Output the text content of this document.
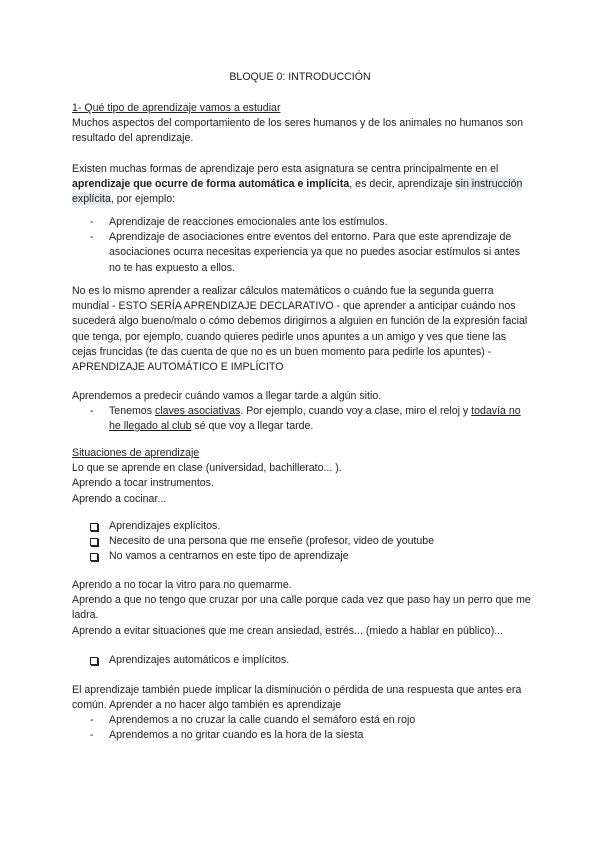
BLOQUE 0: INTRODUCCIÓN
1- Qué tipo de aprendizaje vamos a estudiar
Muchos aspectos del comportamiento de los seres humanos y de los animales no humanos son resultado del aprendizaje.
Existen muchas formas de aprendizaje pero esta asignatura se centra principalmente en el aprendizaje que ocurre de forma automática e implícita, es decir, aprendizaje sin instrucción explícita, por ejemplo:
- Aprendizaje de reacciones emocionales ante los estímulos.
- Aprendizaje de asociaciones entre eventos del entorno. Para que este aprendizaje de asociaciones ocurra necesitas experiencia ya que no puedes asociar estímulos si antes no te has expuesto a ellos.
No es lo mismo aprender a realizar cálculos matemáticos o cuándo fue la segunda guerra mundial - ESTO SERÍA APRENDIZAJE DECLARATIVO - que aprender a anticipar cuándo nos sucederá algo bueno/malo o cómo debemos dirigirnos a alguien en función de la expresión facial que tenga, por ejemplo, cuando quieres pedirle unos apuntes a un amigo y ves que tiene las cejas fruncidas (te das cuenta de que no es un buen momento para pedirle los apuntes) - APRENDIZAJE AUTOMÁTICO E IMPLÍCITO
Aprendemos a predecir cuándo vamos a llegar tarde a algún sitio.
- Tenemos claves asociativas. Por ejemplo, cuando voy a clase, miro el reloj y todavía no he llegado al club sé que voy a llegar tarde.
Situaciones de aprendizaje
Lo que se aprende en clase (universidad, bachillerato... ).
Aprendo a tocar instrumentos.
Aprendo a cocinar...
Aprendizajes explícitos.
Necesito de una persona que me enseñe (profesor, video de youtube
No vamos a centrarnos en este tipo de aprendizaje
Aprendo a no tocar la vitro para no quemarme.
Aprendo a que no tengo que cruzar por una calle porque cada vez que paso hay un perro que me ladra.
Aprendo a evitar situaciones que me crean ansiedad, estrés... (miedo a hablar en público)...
Aprendizajes automáticos e implícitos.
El aprendizaje también puede implicar la disminución o pérdida de una respuesta que antes era común. Aprender a no hacer algo también es aprendizaje
- Aprendemos a no cruzar la calle cuando el semáforo está en rojo
- Aprendemos a no gritar cuando es la hora de la siesta
